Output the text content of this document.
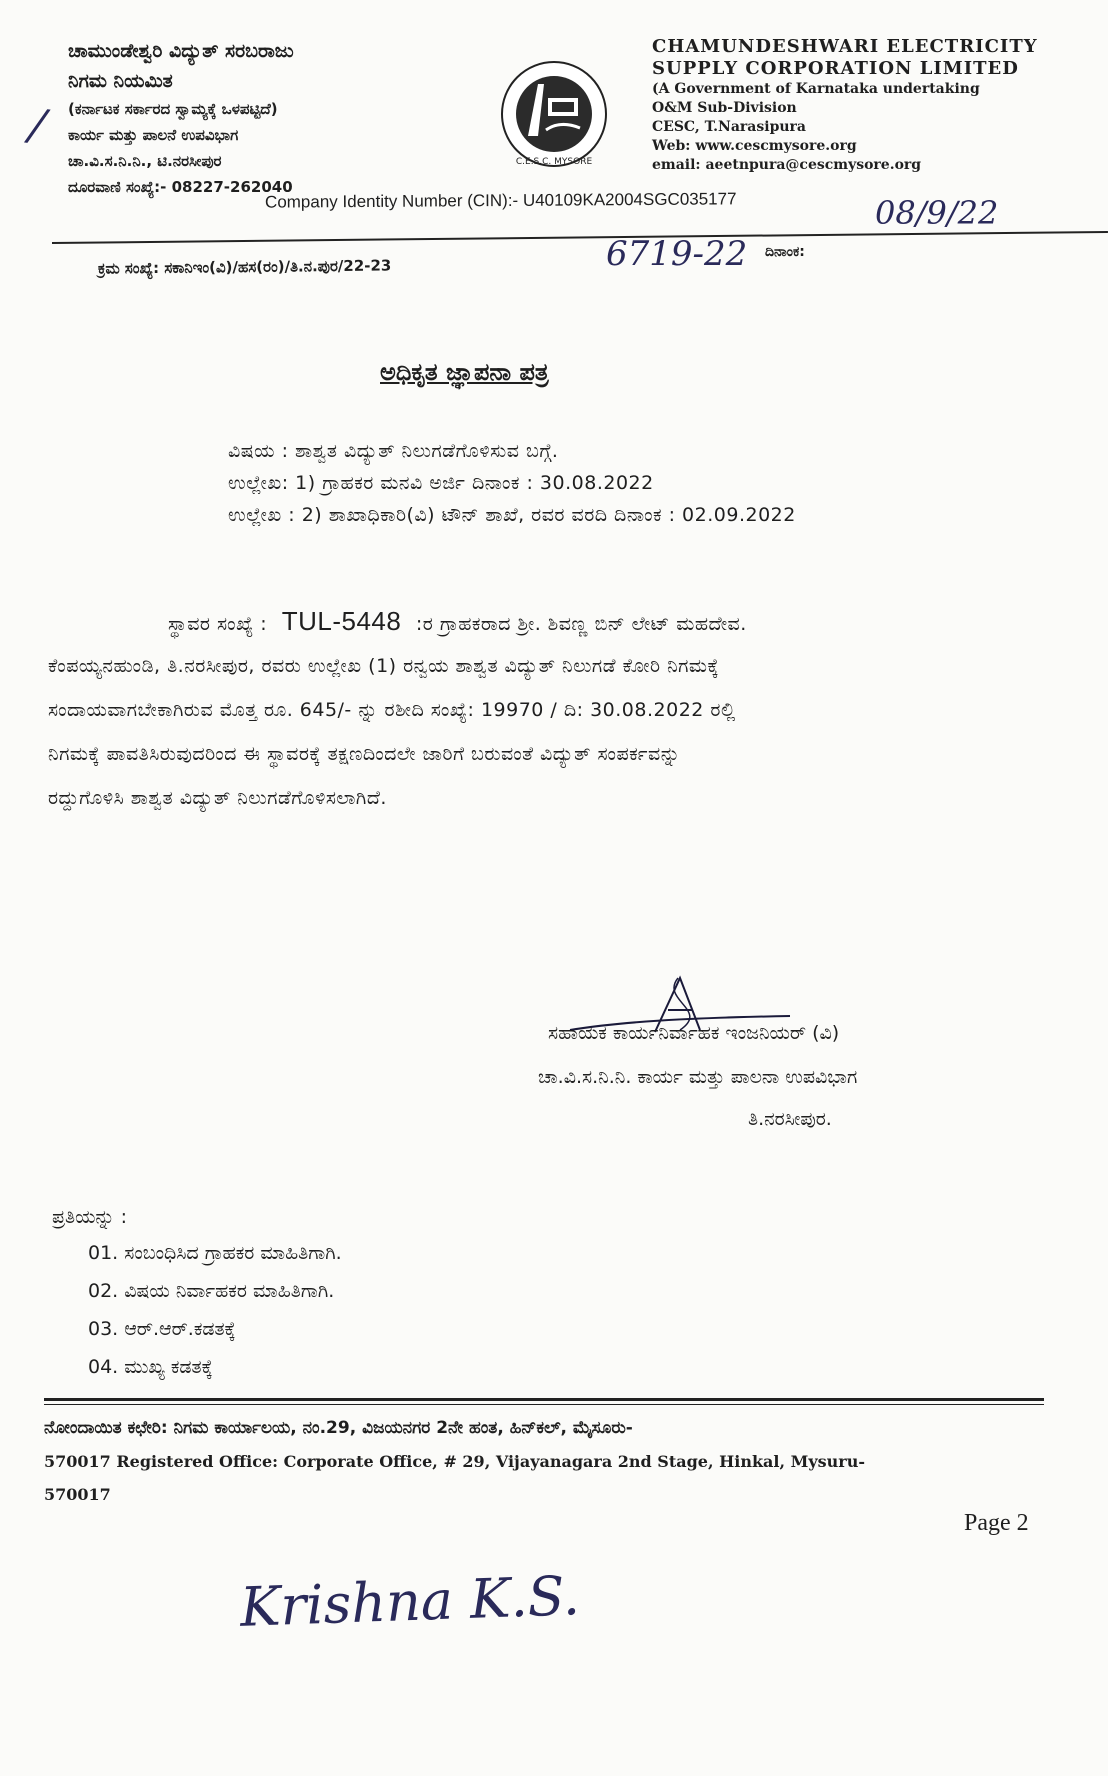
/
ಚಾಮುಂಡೇಶ್ವರಿ ವಿದ್ಯುತ್ ಸರಬರಾಜು
ನಿಗಮ ನಿಯಮಿತ
(ಕರ್ನಾಟಕ ಸರ್ಕಾರದ ಸ್ವಾಮ್ಯಕ್ಕೆ ಒಳಪಟ್ಟಿದೆ)
ಕಾರ್ಯ ಮತ್ತು ಪಾಲನೆ ಉಪವಿಭಾಗ
ಚಾ.ವಿ.ಸ.ನಿ.ನಿ., ಟಿ.ನರಸೀಪುರ
ದೂರವಾಣಿ ಸಂಖ್ಯೆ:- 08227-262040
C.E.S.C. MYSORE
CHAMUNDESHWARI ELECTRICITY
SUPPLY CORPORATION LIMITED
(A Government of Karnataka undertaking
O&M Sub-Division
CESC, T.Narasipura
Web: www.cescmysore.org
email: aeetnpura@cescmysore.org
Company Identity Number (CIN):- U40109KA2004SGC035177
ಕ್ರಮ ಸಂಖ್ಯೆ: ಸಕಾನಿಇಂ(ವಿ)/ಹಸ(ರಂ)/ತಿ.ನ.ಪುರ/22-23	6719-22 ದಿನಾಂಕ:
08/9/22
ಅಧಿಕೃತ ಜ್ಞಾಪನಾ ಪತ್ರ
ವಿಷಯ : ಶಾಶ್ವತ ವಿದ್ಯುತ್ ನಿಲುಗಡೆಗೊಳಿಸುವ ಬಗ್ಗೆ.
ಉಲ್ಲೇಖ: 1) ಗ್ರಾಹಕರ ಮನವಿ ಅರ್ಜಿ ದಿನಾಂಕ : 30.08.2022
ಉಲ್ಲೇಖ : 2) ಶಾಖಾಧಿಕಾರಿ(ವಿ) ಟೌನ್ ಶಾಖೆ, ರವರ ವರದಿ ದಿನಾಂಕ : 02.09.2022
ಸ್ಥಾವರ ಸಂಖ್ಯೆ : TUL-5448 :ರ ಗ್ರಾಹಕರಾದ ಶ್ರೀ. ಶಿವಣ್ಣ ಬಿನ್ ಲೇಟ್ ಮಹದೇವ.
ಕೆಂಪಯ್ಯನಹುಂಡಿ, ತಿ.ನರಸೀಪುರ, ರವರು ಉಲ್ಲೇಖ (1) ರನ್ವಯ ಶಾಶ್ವತ ವಿದ್ಯುತ್ ನಿಲುಗಡೆ ಕೋರಿ ನಿಗಮಕ್ಕೆ
ಸಂದಾಯವಾಗಬೇಕಾಗಿರುವ ಮೊತ್ತ ರೂ. 645/- ನ್ನು ರಶೀದಿ ಸಂಖ್ಯೆ: 19970 / ದಿ: 30.08.2022 ರಲ್ಲಿ
ನಿಗಮಕ್ಕೆ ಪಾವತಿಸಿರುವುದರಿಂದ ಈ ಸ್ಥಾವರಕ್ಕೆ ತಕ್ಷಣದಿಂದಲೇ ಜಾರಿಗೆ ಬರುವಂತೆ ವಿದ್ಯುತ್ ಸಂಪರ್ಕವನ್ನು
ರದ್ದುಗೊಳಿಸಿ ಶಾಶ್ವತ ವಿದ್ಯುತ್ ನಿಲುಗಡೆಗೊಳಿಸಲಾಗಿದೆ.
ಸಹಾಯಕ ಕಾರ್ಯನಿರ್ವಾಹಕ ಇಂಜನಿಯರ್ (ವಿ)
ಚಾ.ವಿ.ಸ.ನಿ.ನಿ. ಕಾರ್ಯ ಮತ್ತು ಪಾಲನಾ ಉಪವಿಭಾಗ
ತಿ.ನರಸೀಪುರ.
ಪ್ರತಿಯನ್ನು :
01. ಸಂಬಂಧಿಸಿದ ಗ್ರಾಹಕರ ಮಾಹಿತಿಗಾಗಿ.
02. ವಿಷಯ ನಿರ್ವಾಹಕರ ಮಾಹಿತಿಗಾಗಿ.
03. ಆರ್.ಆರ್.ಕಡತಕ್ಕೆ
04. ಮುಖ್ಯ ಕಡತಕ್ಕೆ
ನೋಂದಾಯಿತ ಕಛೇರಿ: ನಿಗಮ ಕಾರ್ಯಾಲಯ, ನಂ.29, ವಿಜಯನಗರ 2ನೇ ಹಂತ, ಹಿನ್‌ಕಲ್, ಮೈಸೂರು-
570017 Registered Office: Corporate Office, # 29, Vijayanagara 2nd Stage, Hinkal, Mysuru-
570017
Page 2
Krishna K.S.
